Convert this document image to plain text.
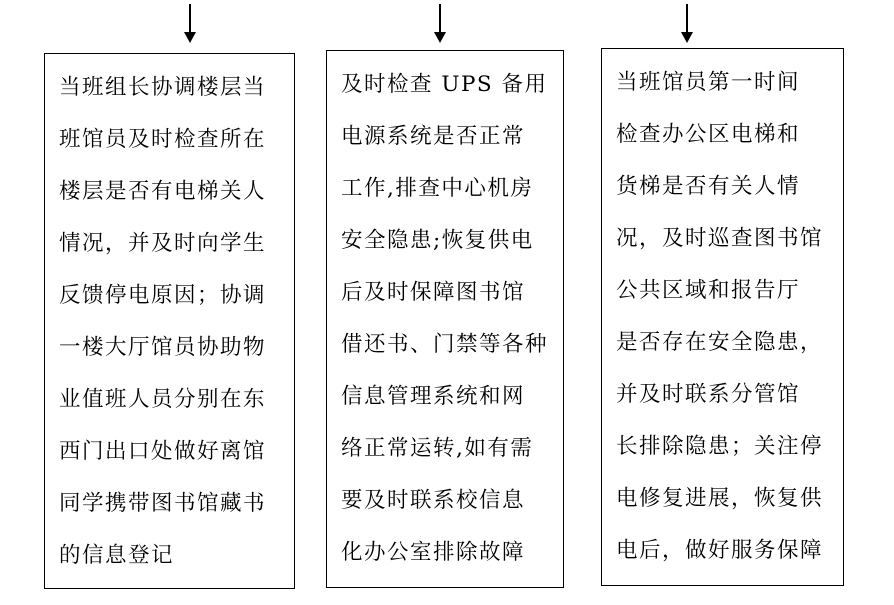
当班组长协调楼层当

班馆员及时检查所在

楼层是否有电梯关人

情况，并及时向学生

反馈停电原因；协调

一楼大厅馆员协助物

业值班人员分别在东

西门出口处做好离馆

同学携带图书馆藏书

的信息登记

及时检查 UPS 备用

电源系统是否正常

工作,排查中心机房

安全隐患;恢复供电

后及时保障图书馆

借还书、门禁等各种

信息管理系统和网

络正常运转,如有需

要及时联系校信息

化办公室排除故障

当班馆员第一时间

检查办公区电梯和

货梯是否有关人情

况，及时巡查图书馆

公共区域和报告厅

是否存在安全隐患，

并及时联系分管馆

长排除隐患；关注停

电修复进展，恢复供

电后，做好服务保障
